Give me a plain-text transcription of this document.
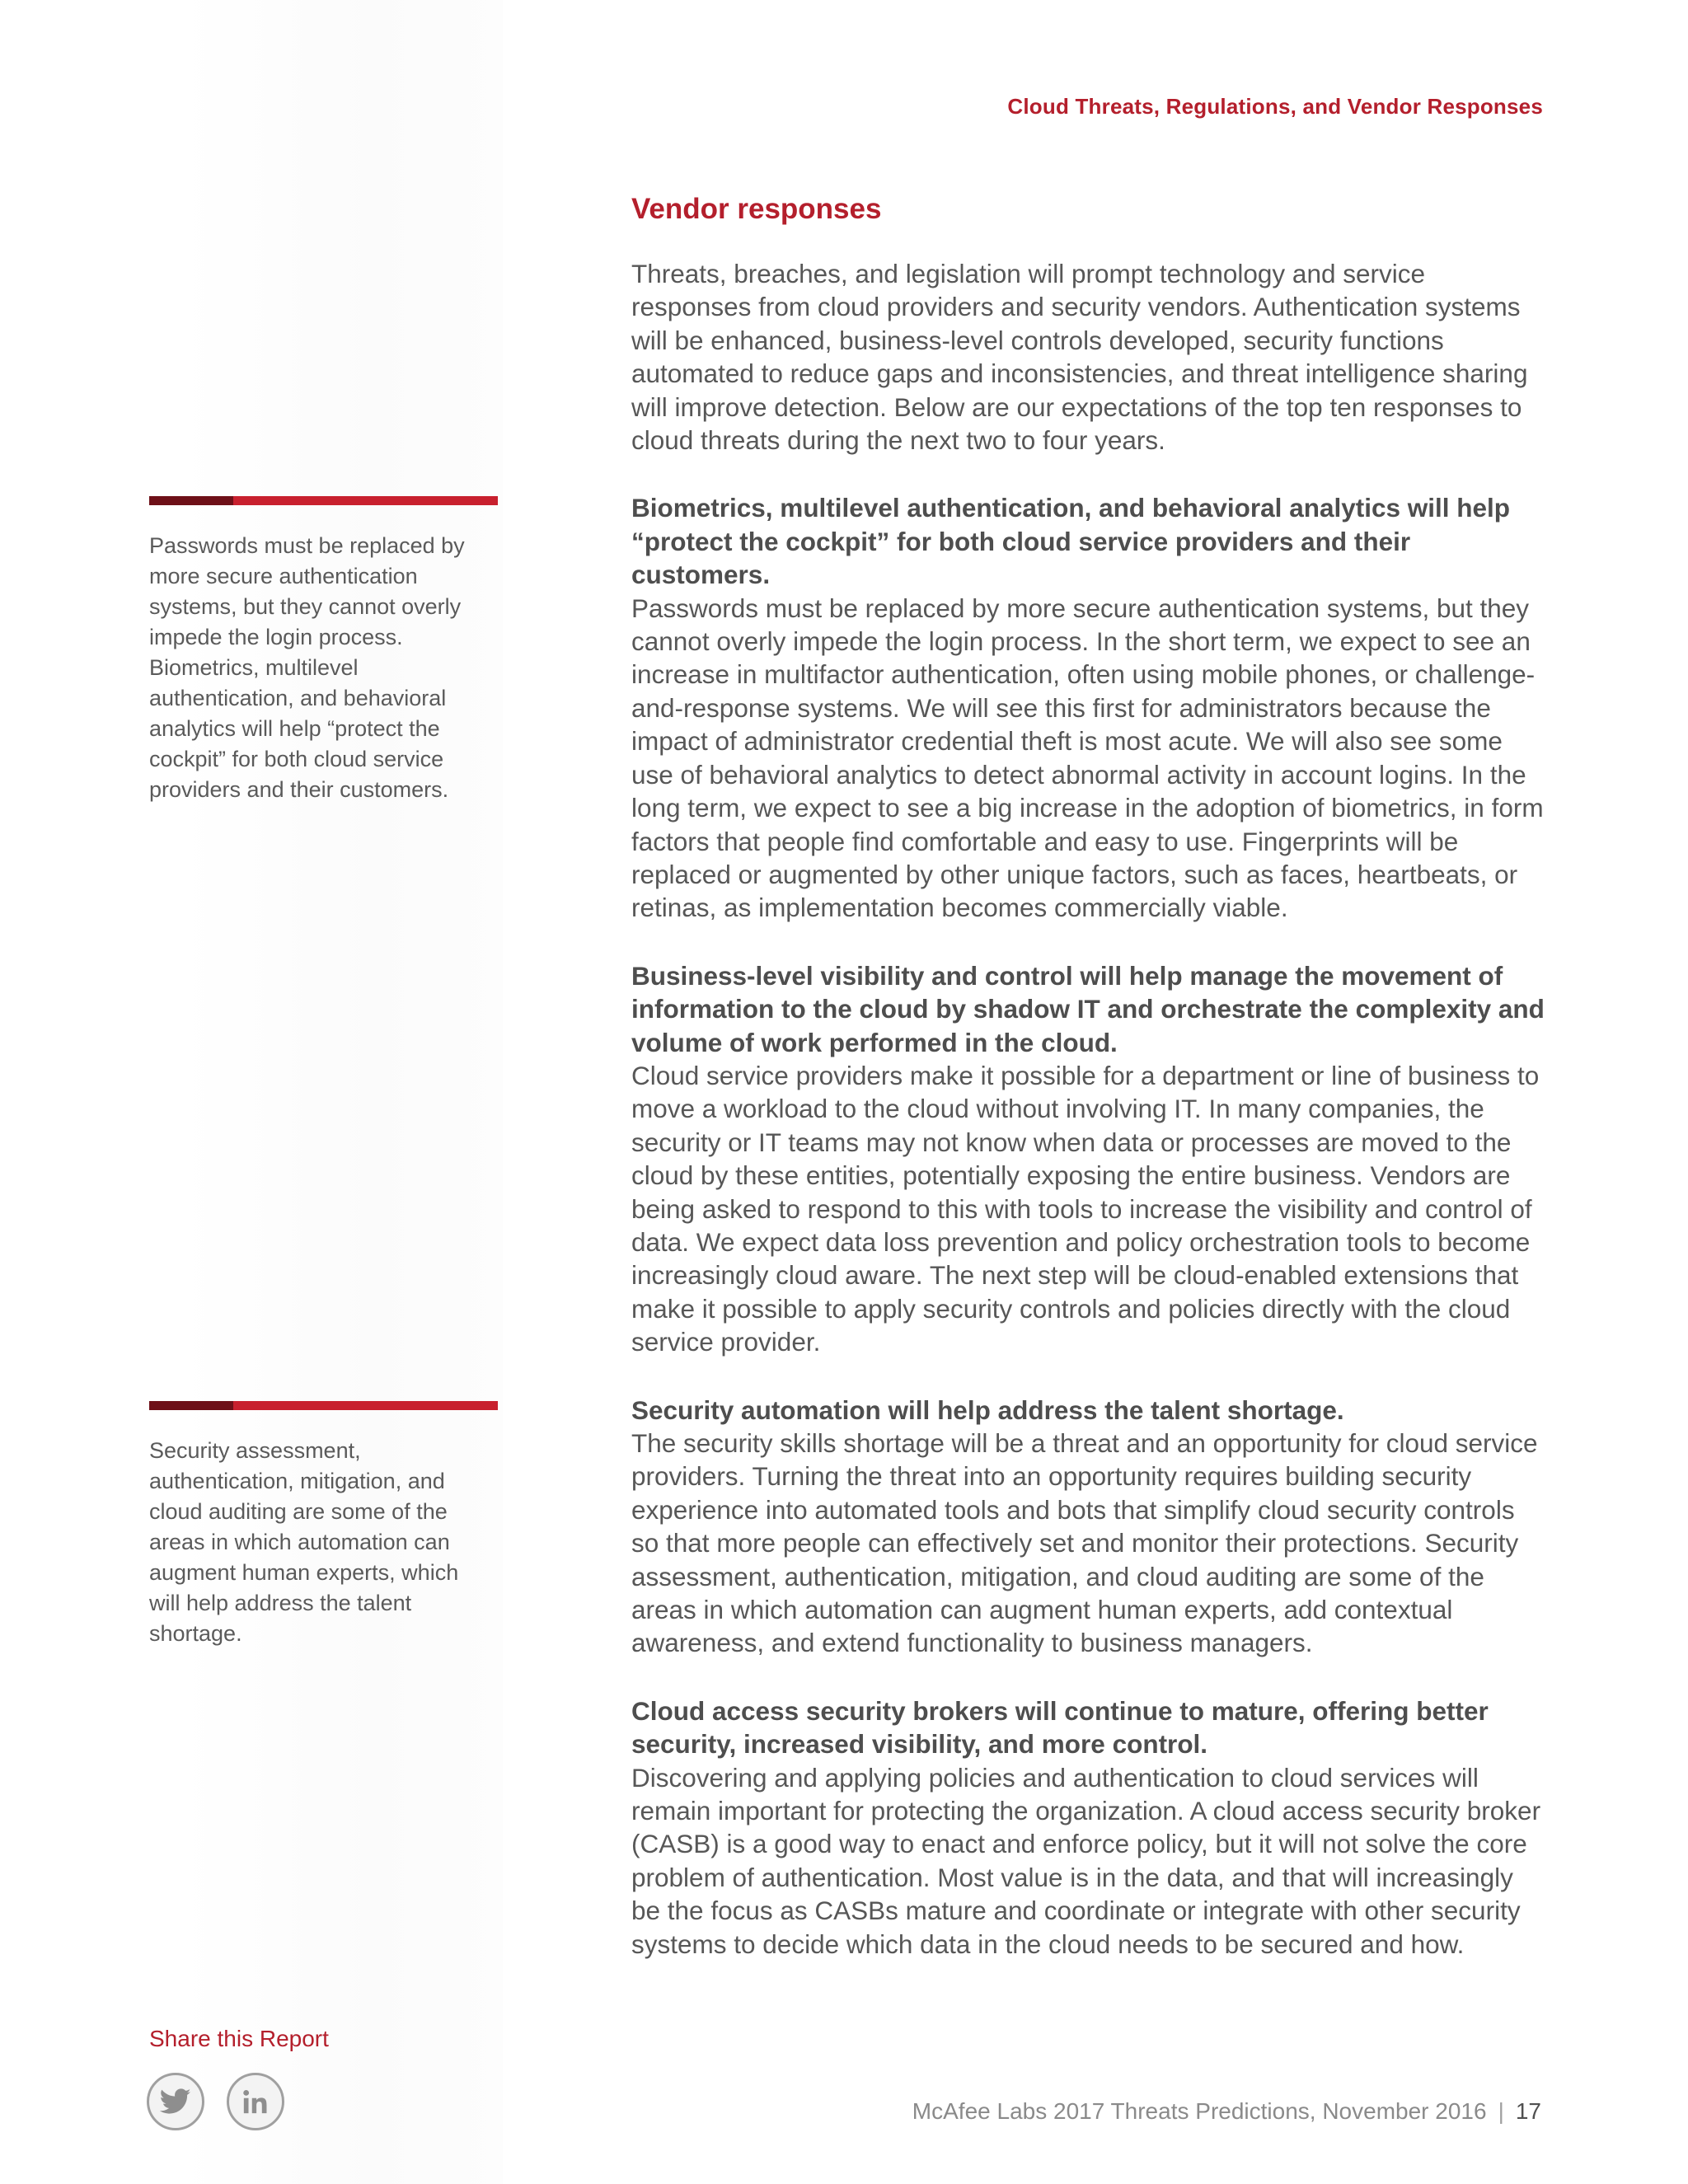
Cloud Threats, Regulations, and Vendor Responses
Vendor responses

Threats, breaches, and legislation will prompt technology and service responses from cloud providers and security vendors. Authentication systems will be enhanced, business-level controls developed, security functions automated to reduce gaps and inconsistencies, and threat intelligence sharing will improve detection. Below are our expectations of the top ten responses to cloud threats during the next two to four years.

Biometrics, multilevel authentication, and behavioral analytics will help “protect the cockpit” for both cloud service providers and their customers.
Passwords must be replaced by more secure authentication systems, but they cannot overly impede the login process. In the short term, we expect to see an increase in multifactor authentication, often using mobile phones, or challenge-and-response systems. We will see this first for administrators because the impact of administrator credential theft is most acute. We will also see some use of behavioral analytics to detect abnormal activity in account logins. In the long term, we expect to see a big increase in the adoption of biometrics, in form factors that people find comfortable and easy to use. Fingerprints will be replaced or augmented by other unique factors, such as faces, heartbeats, or retinas, as implementation becomes commercially viable.

Business-level visibility and control will help manage the movement of information to the cloud by shadow IT and orchestrate the complexity and volume of work performed in the cloud.
Cloud service providers make it possible for a department or line of business to move a workload to the cloud without involving IT. In many companies, the security or IT teams may not know when data or processes are moved to the cloud by these entities, potentially exposing the entire business. Vendors are being asked to respond to this with tools to increase the visibility and control of data. We expect data loss prevention and policy orchestration tools to become increasingly cloud aware. The next step will be cloud-enabled extensions that make it possible to apply security controls and policies directly with the cloud service provider.

Security automation will help address the talent shortage.
The security skills shortage will be a threat and an opportunity for cloud service providers. Turning the threat into an opportunity requires building security experience into automated tools and bots that simplify cloud security controls so that more people can effectively set and monitor their protections. Security assessment, authentication, mitigation, and cloud auditing are some of the areas in which automation can augment human experts, add contextual awareness, and extend functionality to business managers.

Cloud access security brokers will continue to mature, offering better security, increased visibility, and more control.
Discovering and applying policies and authentication to cloud services will remain important for protecting the organization. A cloud access security broker (CASB) is a good way to enact and enforce policy, but it will not solve the core problem of authentication. Most value is in the data, and that will increasingly be the focus as CASBs mature and coordinate or integrate with other security systems to decide which data in the cloud needs to be secured and how.

Passwords must be replaced by more secure authentication systems, but they cannot overly impede the login process. Biometrics, multilevel authentication, and behavioral analytics will help “protect the cockpit” for both cloud service providers and their customers.
Security assessment, authentication, mitigation, and cloud auditing are some of the areas in which automation can augment human experts, which will help address the talent shortage.
Share this Report
McAfee Labs 2017 Threats Predictions, November 2016 | 17
